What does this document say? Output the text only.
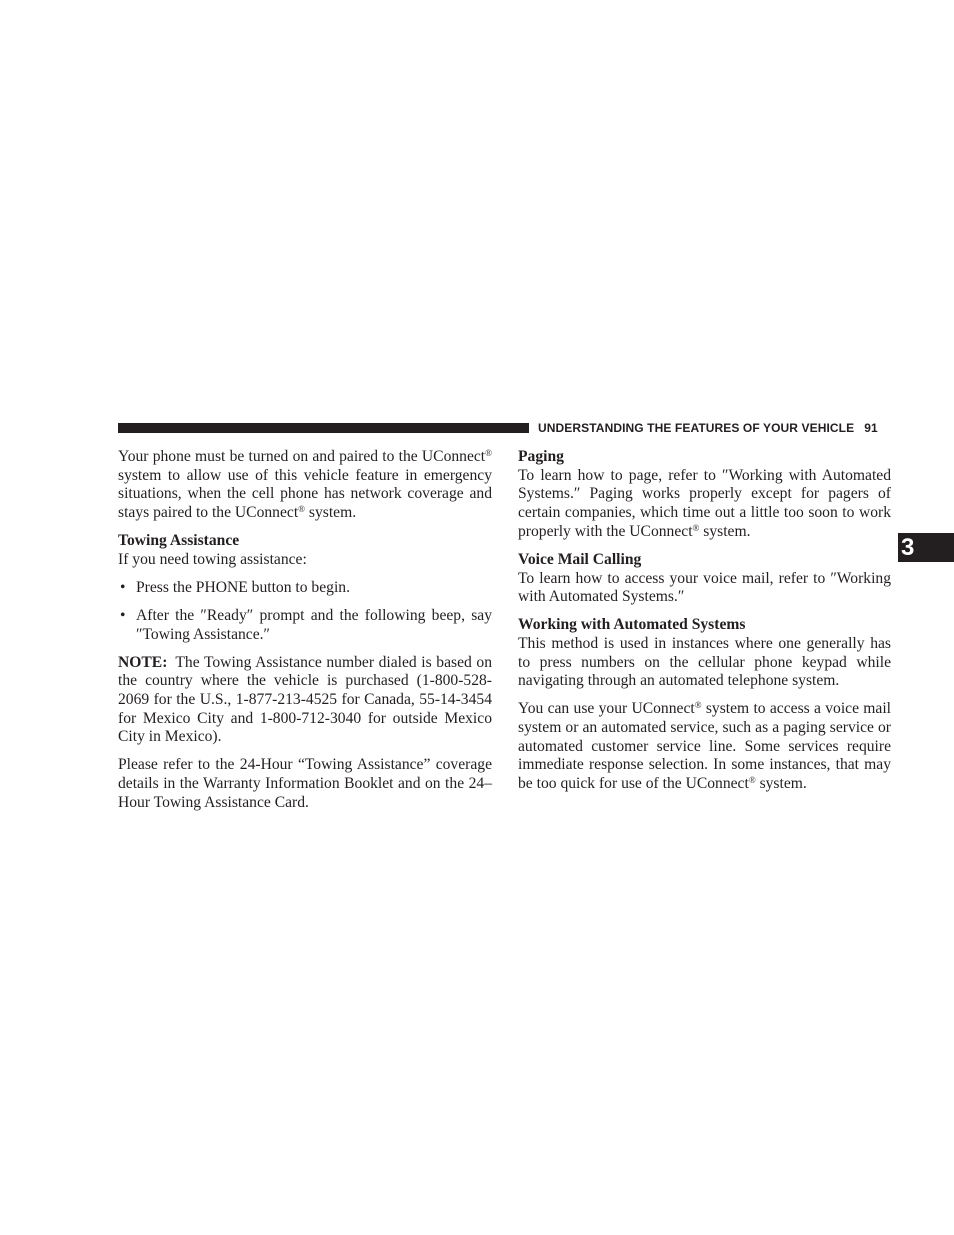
UNDERSTANDING THE FEATURES OF YOUR VEHICLE 91
3

Your phone must be turned on and paired to the UConnect® system to allow use of this vehicle feature in emergency situations, when the cell phone has network coverage and stays paired to the UConnect® system.

Towing Assistance

If you need towing assistance:

• Press the PHONE button to begin.
• After the ″Ready″ prompt and the following beep, say ″Towing Assistance.″

NOTE: The Towing Assistance number dialed is based on the country where the vehicle is purchased (1-800-528-2069 for the U.S., 1-877-213-4525 for Canada, 55-14-3454 for Mexico City and 1-800-712-3040 for outside Mexico City in Mexico).

Please refer to the 24-Hour “Towing Assistance” coverage details in the Warranty Information Booklet and on the 24–Hour Towing Assistance Card.

Paging

To learn how to page, refer to ″Working with Automated Systems.″ Paging works properly except for pagers of certain companies, which time out a little too soon to work properly with the UConnect® system.

Voice Mail Calling

To learn how to access your voice mail, refer to ″Working with Automated Systems.″

Working with Automated Systems

This method is used in instances where one generally has to press numbers on the cellular phone keypad while navigating through an automated telephone system.

You can use your UConnect® system to access a voice mail system or an automated service, such as a paging service or automated customer service line. Some services require immediate response selection. In some instances, that may be too quick for use of the UConnect® system.
